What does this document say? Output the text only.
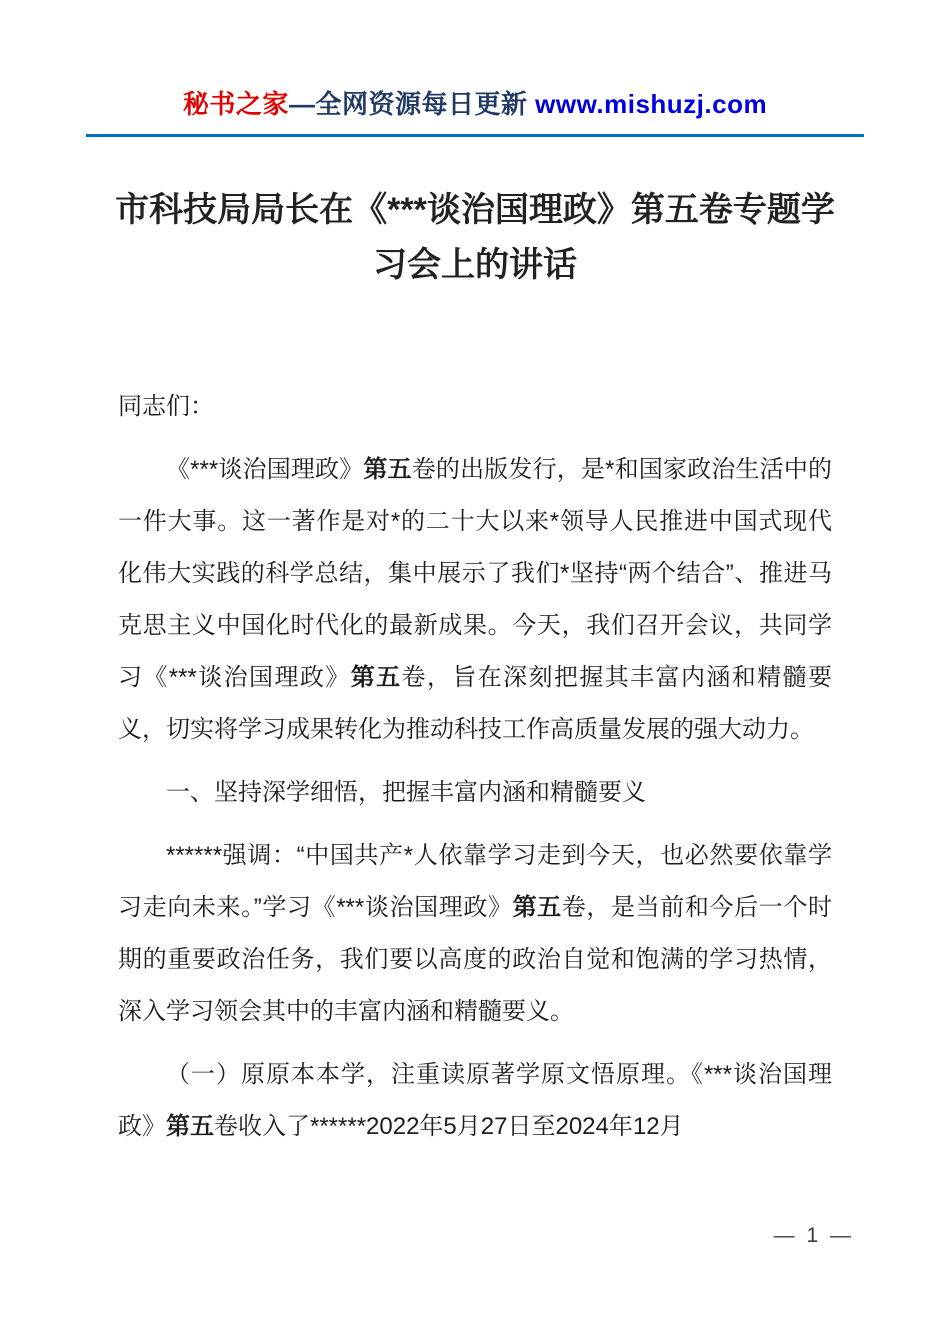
秘书之家—全网资源每日更新 www.mishuzj.com
市科技局局长在《***谈治国理政》第五卷专题学习会上的讲话

同志们：

《***谈治国理政》第五卷的出版发行，是*和国家政治生活中的一件大事。这一著作是对*的二十大以来*领导人民推进中国式现代化伟大实践的科学总结，集中展示了我们*坚持“两个结合”、推进马克思主义中国化时代化的最新成果。今天，我们召开会议，共同学习《***谈治国理政》第五卷，旨在深刻把握其丰富内涵和精髓要义，切实将学习成果转化为推动科技工作高质量发展的强大动力。

一、坚持深学细悟，把握丰富内涵和精髓要义

******强调：“中国共产*人依靠学习走到今天，也必然要依靠学习走向未来。”学习《***谈治国理政》第五卷，是当前和今后一个时期的重要政治任务，我们要以高度的政治自觉和饱满的学习热情，深入学习领会其中的丰富内涵和精髓要义。

（一）原原本本学，注重读原著学原文悟原理。《***谈治国理政》第五卷收入了******2022年5月27日至2024年12月

— 1 —
